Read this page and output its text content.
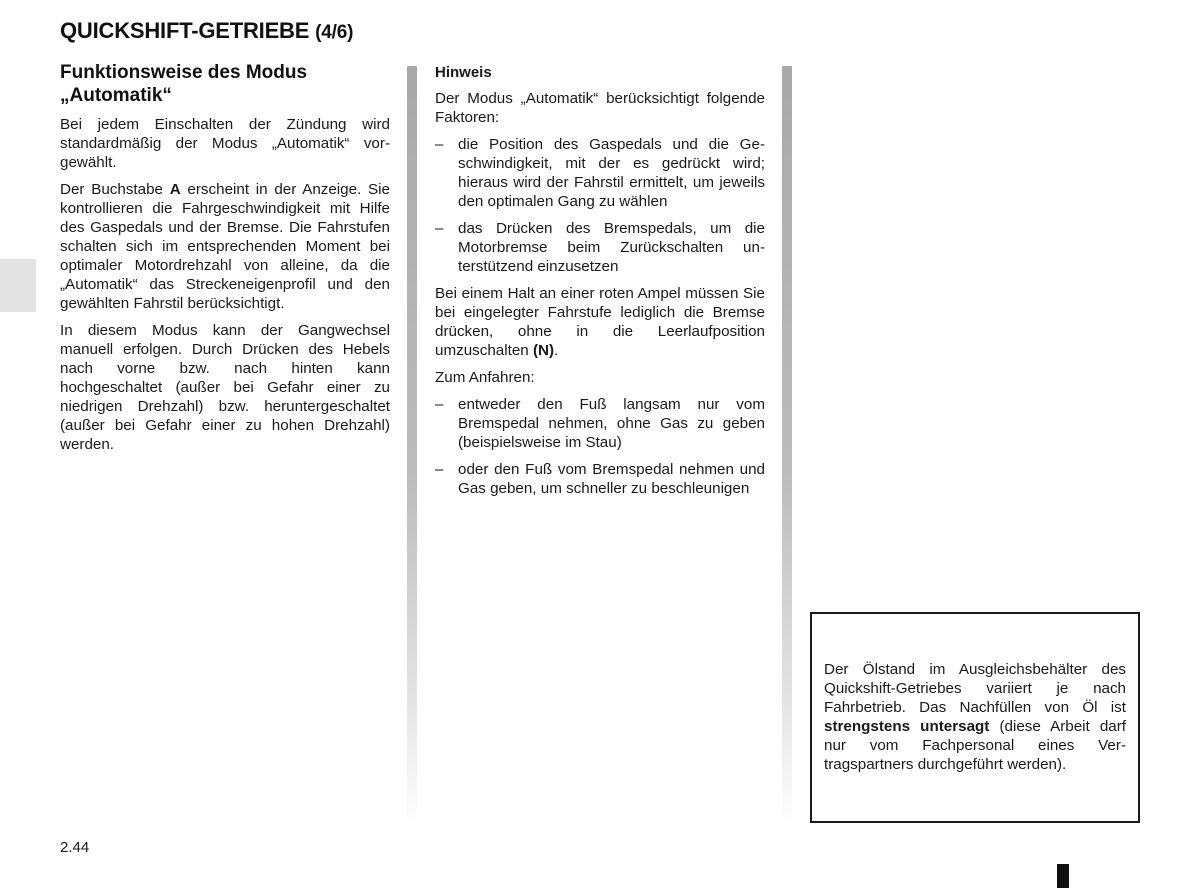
QUICKSHIFT-GETRIEBE (4/6)
Funktionsweise des Modus
„Automatik“

Bei jedem Einschalten der Zündung wird standardmäßig der Modus „Automatik“ vorgewählt.

Der Buchstabe A erscheint in der Anzeige. Sie kontrollieren die Fahrgeschwindigkeit mit Hilfe des Gaspedals und der Bremse. Die Fahrstufen schalten sich im entsprechenden Moment bei optimaler Motordrehzahl von alleine, da die „Automatik“ das Streckeneigenprofil und den gewählten Fahrstil berücksichtigt.

In diesem Modus kann der Gangwechsel manuell erfolgen. Durch Drücken des Hebels nach vorne bzw. nach hinten kann hochgeschaltet (außer bei Gefahr einer zu niedrigen Drehzahl) bzw. heruntergeschaltet (außer bei Gefahr einer zu hohen Drehzahl) werden.

Hinweis

Der Modus „Automatik“ berücksichtigt folgende Faktoren:

– die Position des Gaspedals und die Geschwindigkeit, mit der es gedrückt wird; hieraus wird der Fahrstil ermittelt, um jeweils den optimalen Gang zu wählen
– das Drücken des Bremspedals, um die Motorbremse beim Zurückschalten unterstützend einzusetzen

Bei einem Halt an einer roten Ampel müssen Sie bei eingelegter Fahrstufe lediglich die Bremse drücken, ohne in die Leerlaufposition umzuschalten (N).

Zum Anfahren:

– entweder den Fuß langsam nur vom Bremspedal nehmen, ohne Gas zu geben (beispielsweise im Stau)
– oder den Fuß vom Bremspedal nehmen und Gas geben, um schneller zu beschleunigen
Der Ölstand im Ausgleichsbehälter des Quickshift-Getriebes variiert je nach Fahrbetrieb. Das Nachfüllen von Öl ist strengstens untersagt (diese Arbeit darf nur vom Fachpersonal eines Vertragspartners durchgeführt werden).
2.44
